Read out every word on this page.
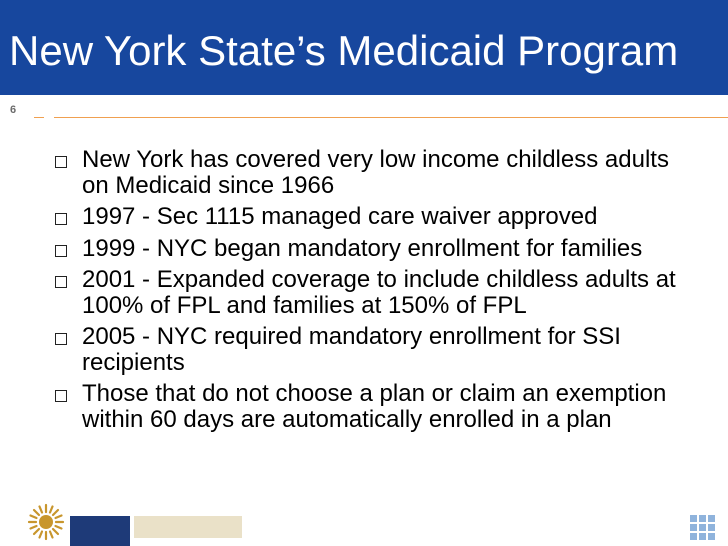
New York State’s Medicaid Program
6
New York has covered very low income childless adults on Medicaid since 1966
1997 - Sec 1115 managed care waiver approved
1999 - NYC began mandatory enrollment for families
2001 - Expanded coverage to include childless adults at 100% of FPL and families at 150% of FPL
2005 - NYC required mandatory enrollment for SSI recipients
Those that do not choose a plan or claim an exemption within 60 days are automatically enrolled in a plan
